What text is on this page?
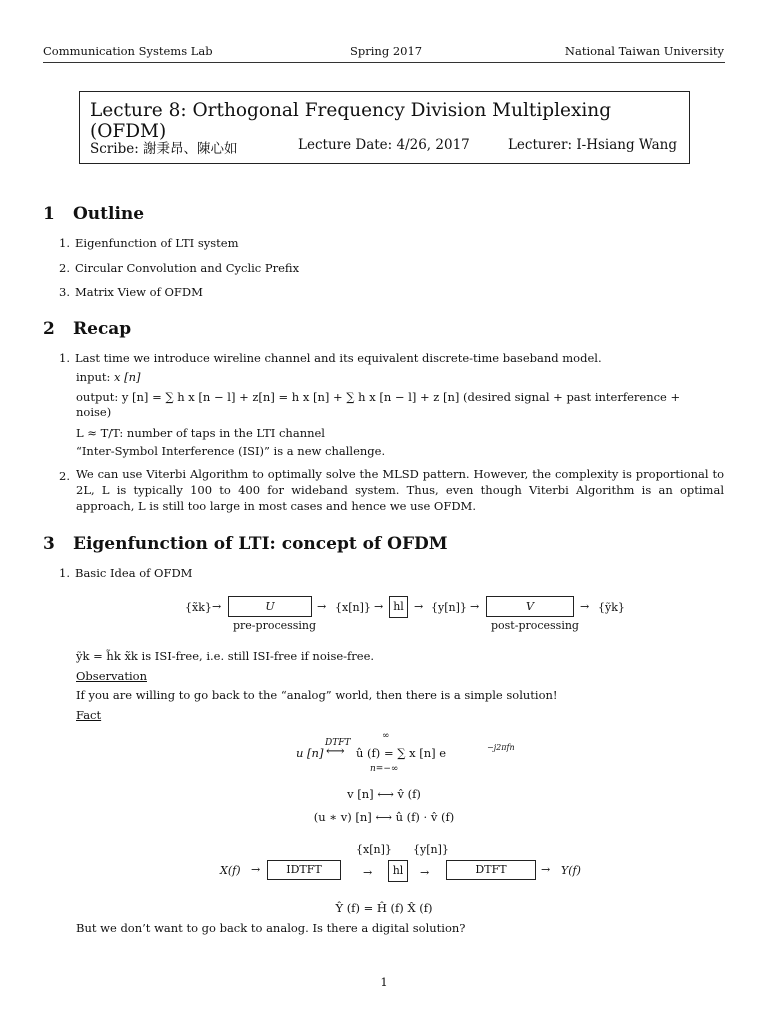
Communication Systems Lab	Spring 2017	National Taiwan University
Lecture 8: Orthogonal Frequency Division Multiplexing (OFDM)
Scribe: 謝秉昂、陳心如	Lecture Date: 4/26, 2017	Lecturer: I-Hsiang Wang
1 Outline
1. Eigenfunction of LTI system
2. Circular Convolution and Cyclic Prefix
3. Matrix View of OFDM
2 Recap
1. Last time we introduce wireline channel and its equivalent discrete-time baseband model.
input: x [n]
output: y [n] = ∑ h x [n − l] + z[n] = h x [n] + ∑ h x [n − l] + z [n] (desired signal + past interference +
noise)
L ≈ T/T: number of taps in the LTI channel
“Inter-Symbol Interference (ISI)” is a new challenge.
2. We can use Viterbi Algorithm to optimally solve the MLSD pattern. However, the complexity is proportional to 2L, L is typically 100 to 400 for wideband system. Thus, even though Viterbi Algorithm is an optimal approach, L is still too large in most cases and hence we use OFDM.
3 Eigenfunction of LTI: concept of OFDM
1. Basic Idea of OFDM
{x̃k} →	U
pre-processing
→ {x[n]} → hl → {y[n]} →	V
post-processing
→ {ỹk}
ỹk = h̃k x̃k is ISI-free, i.e. still ISI-free if noise-free.
Observation
If you are willing to go back to the “analog” world, then there is a simple solution!
Fact
u [n]
DTFT
⟷
∞
û (f) = ∑ x [n] e	−j2πfn
n=−∞
v [n] ⟷ v̂ (f)
(u ∗ v) [n] ⟷ û (f) · v̂ (f)
{x[n]} {y[n]}
X(f) →	IDTFT	→	hl	→	DTFT	→ Y(f)
Ŷ (f) = Ĥ (f) X̂ (f)
But we don’t want to go back to analog. Is there a digital solution?
1
